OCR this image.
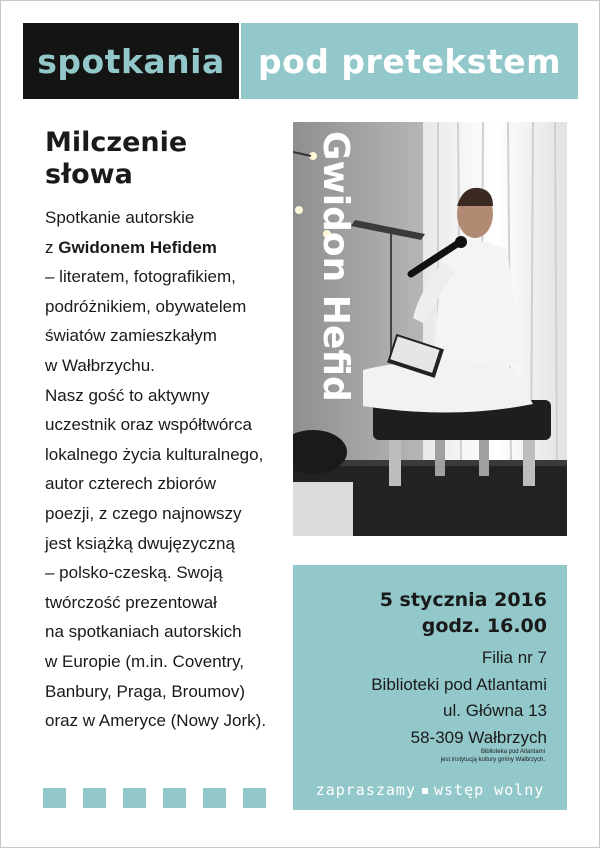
spotkania pod pretekstem
Milczenie
słowa
Spotkanie autorskie
z Gwidonem Hefidem
– literatem, fotografikiem,
podróżnikiem, obywatelem
światów zamieszkałym
w Wałbrzychu.
Nasz gość to aktywny
uczestnik oraz współtwórca
lokalnego życia kulturalnego,
autor czterech zbiorów
poezji, z czego najnowszy
jest książką dwujęzyczną
– polsko-czeską. Swoją
twórczość prezentował
na spotkaniach autorskich
w Europie (m.in. Coventry,
Banbury, Praga, Broumov)
oraz w Ameryce (Nowy Jork).
Gwidon Hefid
5 stycznia 2016
godz. 16.00
Filia nr 7
Biblioteki pod Atlantami
ul. Główna 13
58-309 Wałbrzych
Biblioteka pod Atlantami
jest instytucją kultury gminy Wałbrzych.
zapraszamy wstęp wolny
